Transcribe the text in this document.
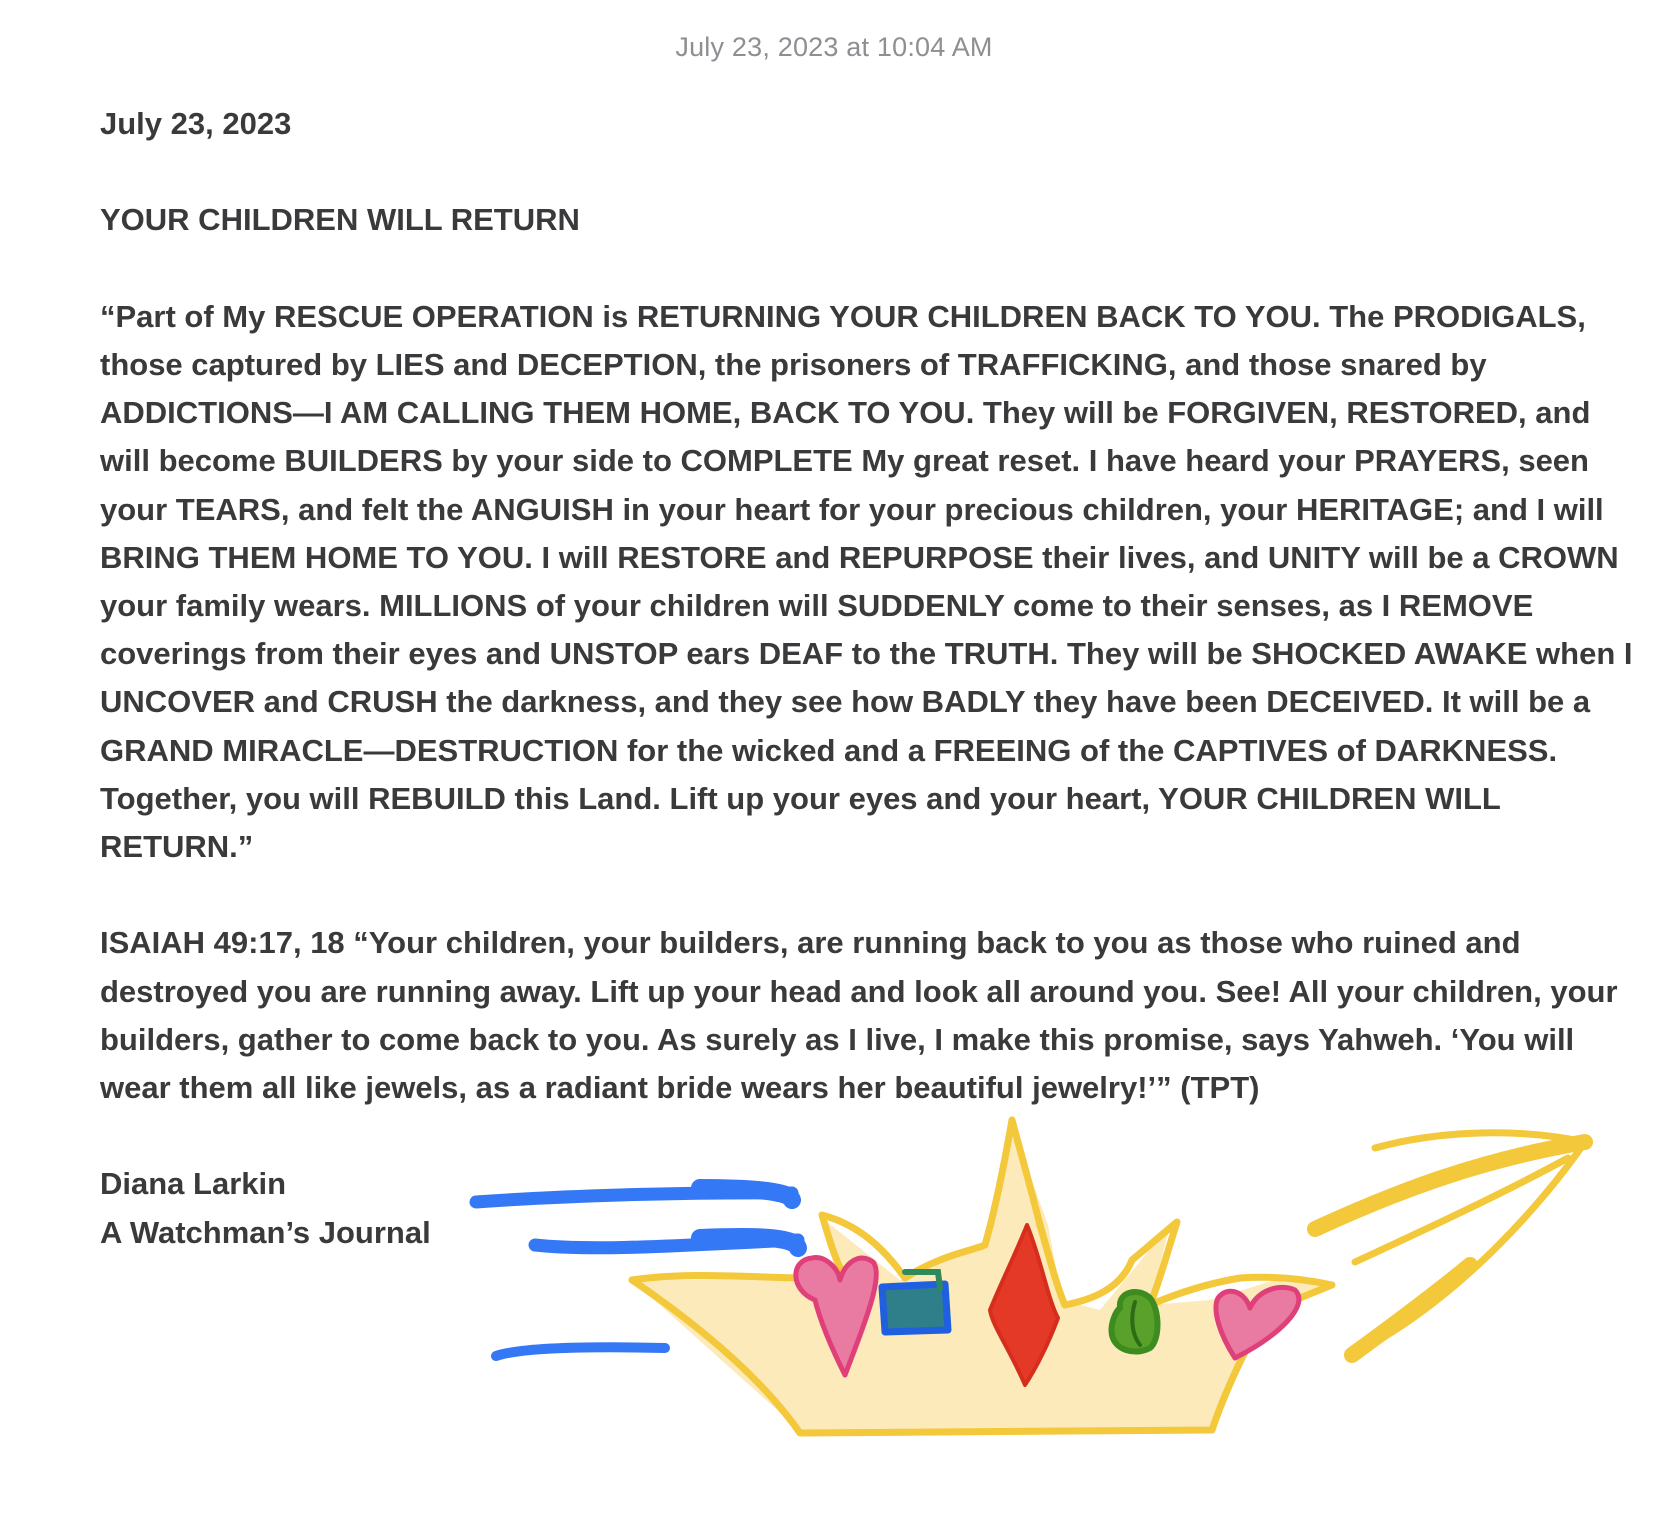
July 23, 2023 at 10:04 AM

July 23, 2023

YOUR CHILDREN WILL RETURN

“Part of My RESCUE OPERATION is RETURNING YOUR CHILDREN BACK TO YOU. The PRODIGALS, those captured by LIES and DECEPTION, the prisoners of TRAFFICKING, and those snared by ADDICTIONS—I AM CALLING THEM HOME, BACK TO YOU. They will be FORGIVEN, RESTORED, and will become BUILDERS by your side to COMPLETE My great reset. I have heard your PRAYERS, seen your TEARS, and felt the ANGUISH in your heart for your precious children, your HERITAGE; and I will BRING THEM HOME TO YOU. I will RESTORE and REPURPOSE their lives, and UNITY will be a CROWN your family wears. MILLIONS of your children will SUDDENLY come to their senses, as I REMOVE coverings from their eyes and UNSTOP ears DEAF to the TRUTH. They will be SHOCKED AWAKE when I UNCOVER and CRUSH the darkness, and they see how BADLY they have been DECEIVED. It will be a GRAND MIRACLE—DESTRUCTION for the wicked and a FREEING of the CAPTIVES of DARKNESS. Together, you will REBUILD this Land. Lift up your eyes and your heart, YOUR CHILDREN WILL RETURN.”

ISAIAH 49:17, 18 “Your children, your builders, are running back to you as those who ruined and destroyed you are running away. Lift up your head and look all around you. See! All your children, your builders, gather to come back to you. As surely as I live, I make this promise, says Yahweh. ‘You will wear them all like jewels, as a radiant bride wears her beautiful jewelry!’” (TPT)

Diana Larkin

A Watchman’s Journal
